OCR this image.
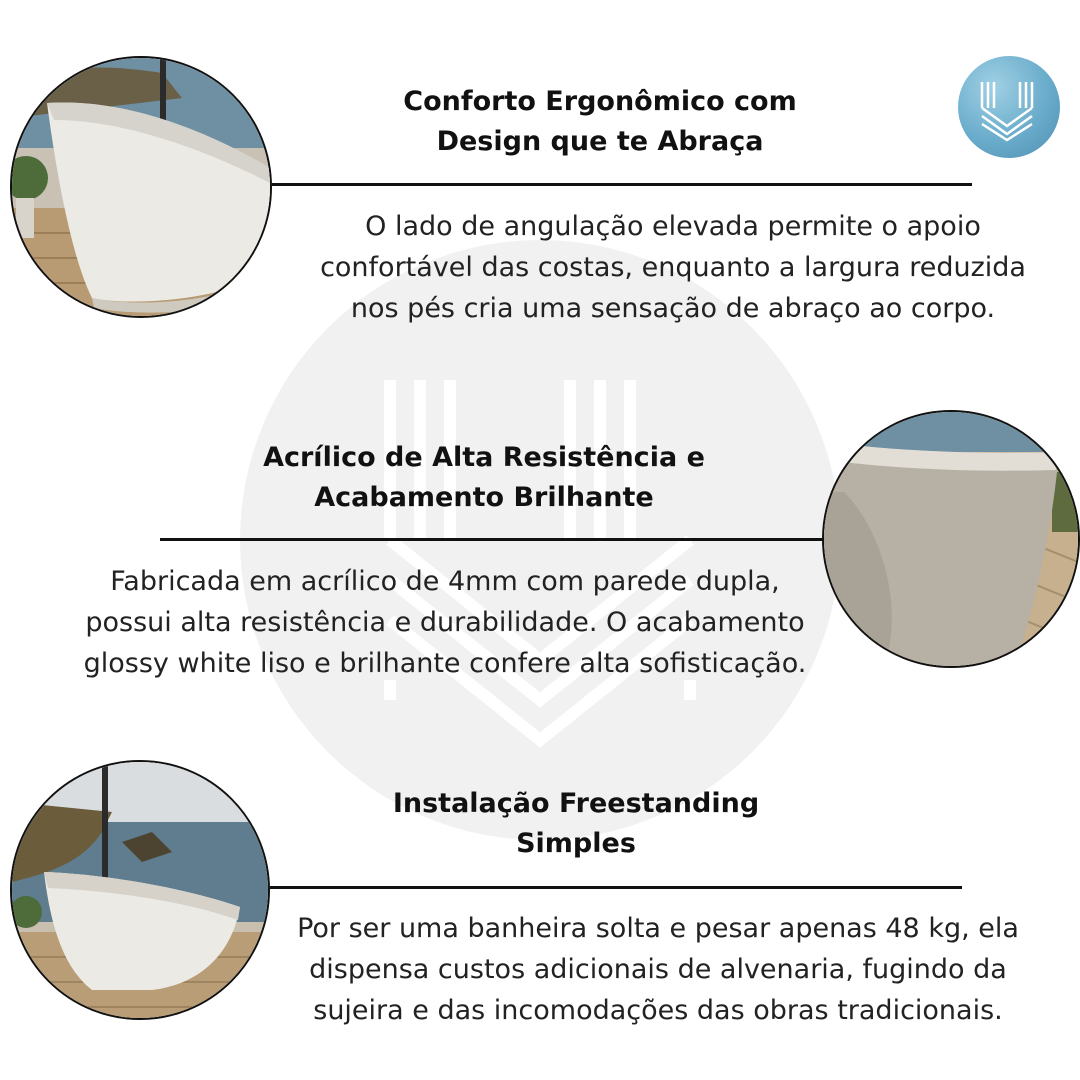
Conforto Ergonômico com
Design que te Abraça
O lado de angulação elevada permite o apoio
confortável das costas, enquanto a largura reduzida
nos pés cria uma sensação de abraço ao corpo.
Acrílico de Alta Resistência e
Acabamento Brilhante
Fabricada em acrílico de 4mm com parede dupla,
possui alta resistência e durabilidade. O acabamento
glossy white liso e brilhante confere alta sofisticação.
Instalação Freestanding
Simples
Por ser uma banheira solta e pesar apenas 48 kg, ela
dispensa custos adicionais de alvenaria, fugindo da
sujeira e das incomodações das obras tradicionais.
